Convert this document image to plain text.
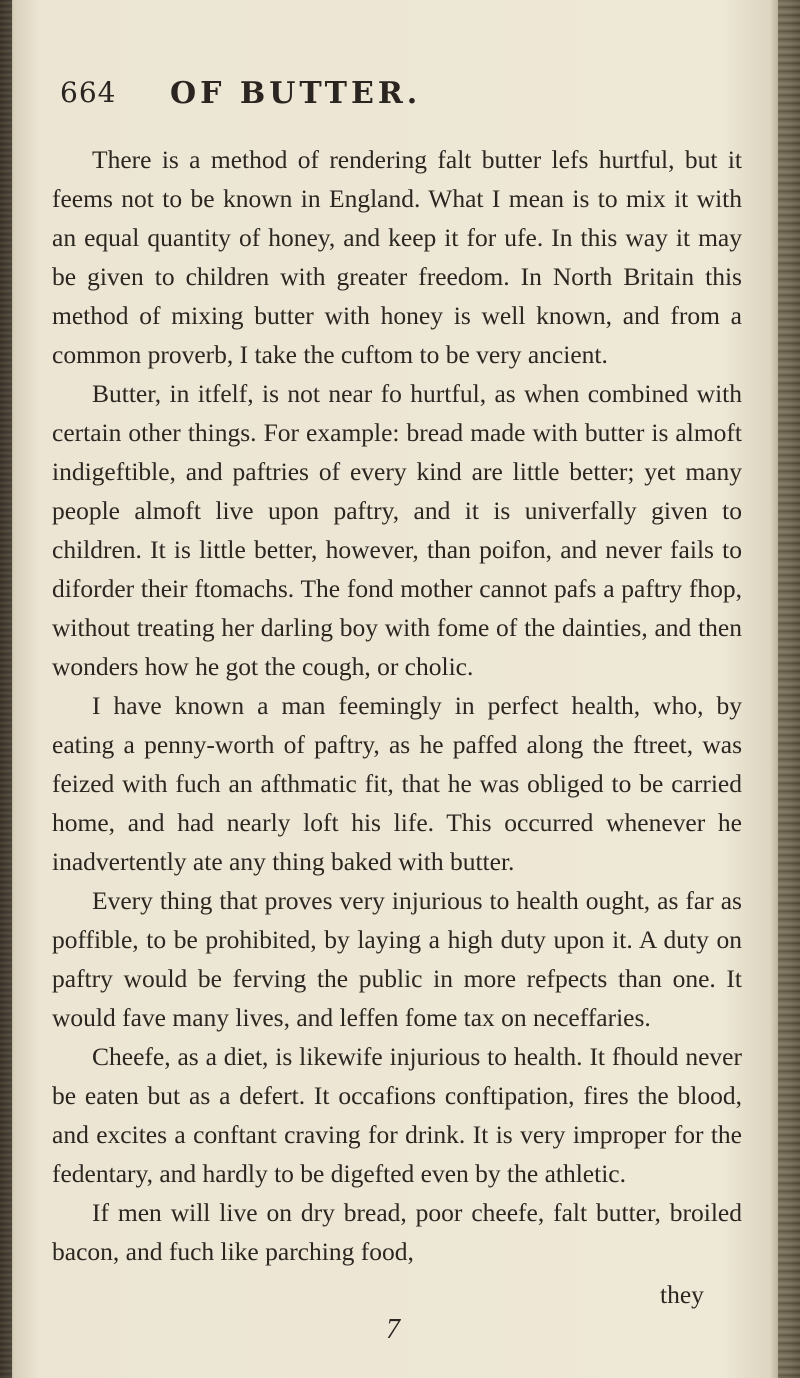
664 OF BUTTER.

There is a method of rendering falt butter lefs hurtful, but it feems not to be known in England. What I mean is to mix it with an equal quantity of honey, and keep it for ufe. In this way it may be given to children with greater freedom. In North Britain this method of mixing butter with honey is well known, and from a common proverb, I take the cuftom to be very ancient.

Butter, in itfelf, is not near fo hurtful, as when combined with certain other things. For example: bread made with butter is almoft indigeftible, and paftries of every kind are little better; yet many people almoft live upon paftry, and it is univerfally given to children. It is little better, however, than poifon, and never fails to diforder their ftomachs. The fond mother cannot pafs a paftry fhop, without treating her darling boy with fome of the dainties, and then wonders how he got the cough, or cholic.

I have known a man feemingly in perfect health, who, by eating a penny-worth of paftry, as he paffed along the ftreet, was feized with fuch an afthmatic fit, that he was obliged to be carried home, and had nearly loft his life. This occurred whenever he inadvertently ate any thing baked with butter.

Every thing that proves very injurious to health ought, as far as poffible, to be prohibited, by laying a high duty upon it. A duty on paftry would be ferving the public in more refpects than one. It would fave many lives, and leffen fome tax on neceffaries.

Cheefe, as a diet, is likewife injurious to health. It fhould never be eaten but as a defert. It occafions conftipation, fires the blood, and excites a conftant craving for drink. It is very improper for the fedentary, and hardly to be digefted even by the athletic.

If men will live on dry bread, poor cheefe, falt butter, broiled bacon, and fuch like parching food,

they
7
